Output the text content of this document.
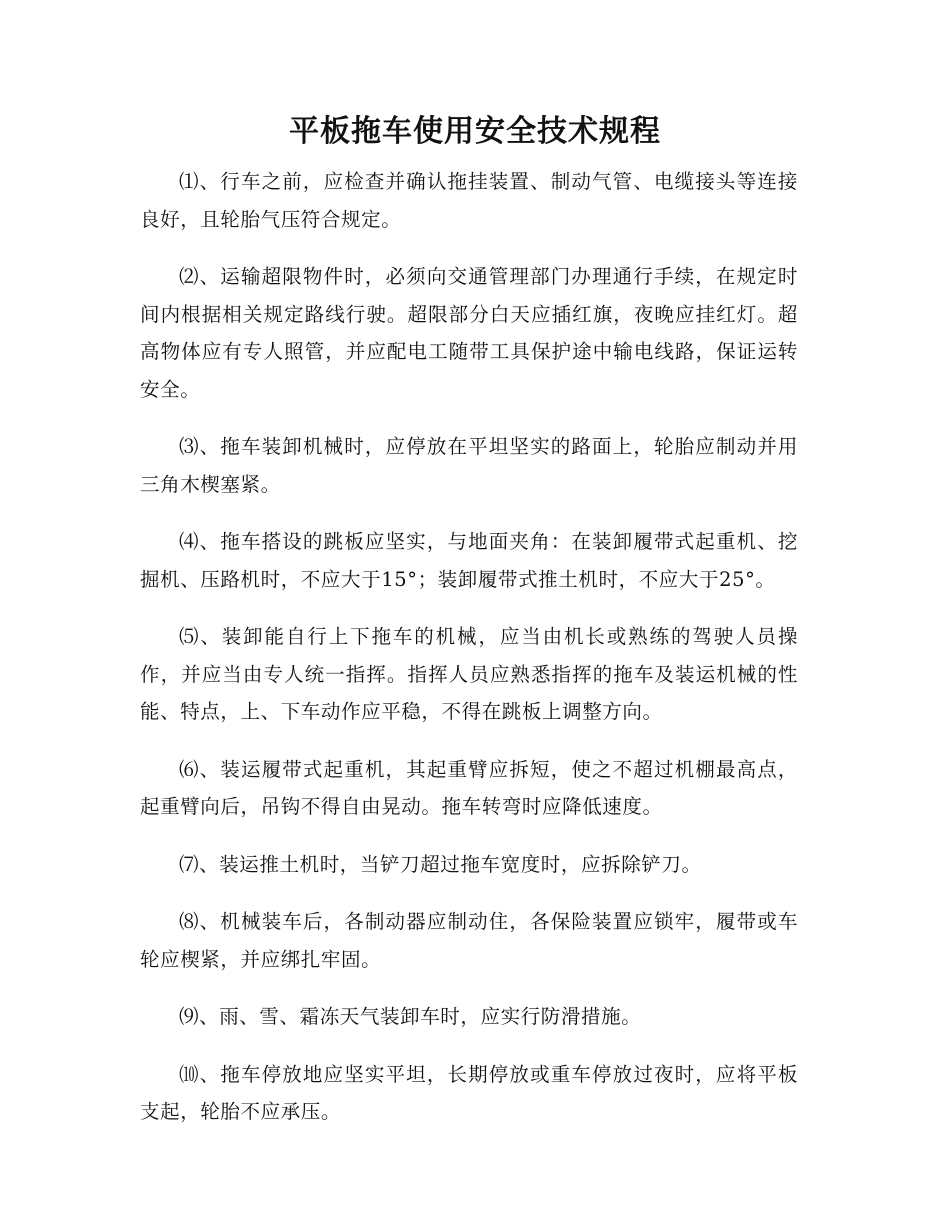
平板拖车使用安全技术规程

⑴、行车之前，应检查并确认拖挂装置、制动气管、电缆接头等连接良好，且轮胎气压符合规定。

⑵、运输超限物件时，必须向交通管理部门办理通行手续，在规定时间内根据相关规定路线行驶。超限部分白天应插红旗，夜晚应挂红灯。超高物体应有专人照管，并应配电工随带工具保护途中输电线路，保证运转安全。

⑶、拖车装卸机械时，应停放在平坦坚实的路面上，轮胎应制动并用三角木楔塞紧。

⑷、拖车搭设的跳板应坚实，与地面夹角：在装卸履带式起重机、挖掘机、压路机时，不应大于15°；装卸履带式推土机时，不应大于25°。

⑸、装卸能自行上下拖车的机械，应当由机长或熟练的驾驶人员操作，并应当由专人统一指挥。指挥人员应熟悉指挥的拖车及装运机械的性能、特点，上、下车动作应平稳，不得在跳板上调整方向。

⑹、装运履带式起重机，其起重臂应拆短，使之不超过机棚最高点，起重臂向后，吊钩不得自由晃动。拖车转弯时应降低速度。

⑺、装运推土机时，当铲刀超过拖车宽度时，应拆除铲刀。

⑻、机械装车后，各制动器应制动住，各保险装置应锁牢，履带或车轮应楔紧，并应绑扎牢固。

⑼、雨、雪、霜冻天气装卸车时，应实行防滑措施。

⑽、拖车停放地应坚实平坦，长期停放或重车停放过夜时，应将平板支起，轮胎不应承压。
